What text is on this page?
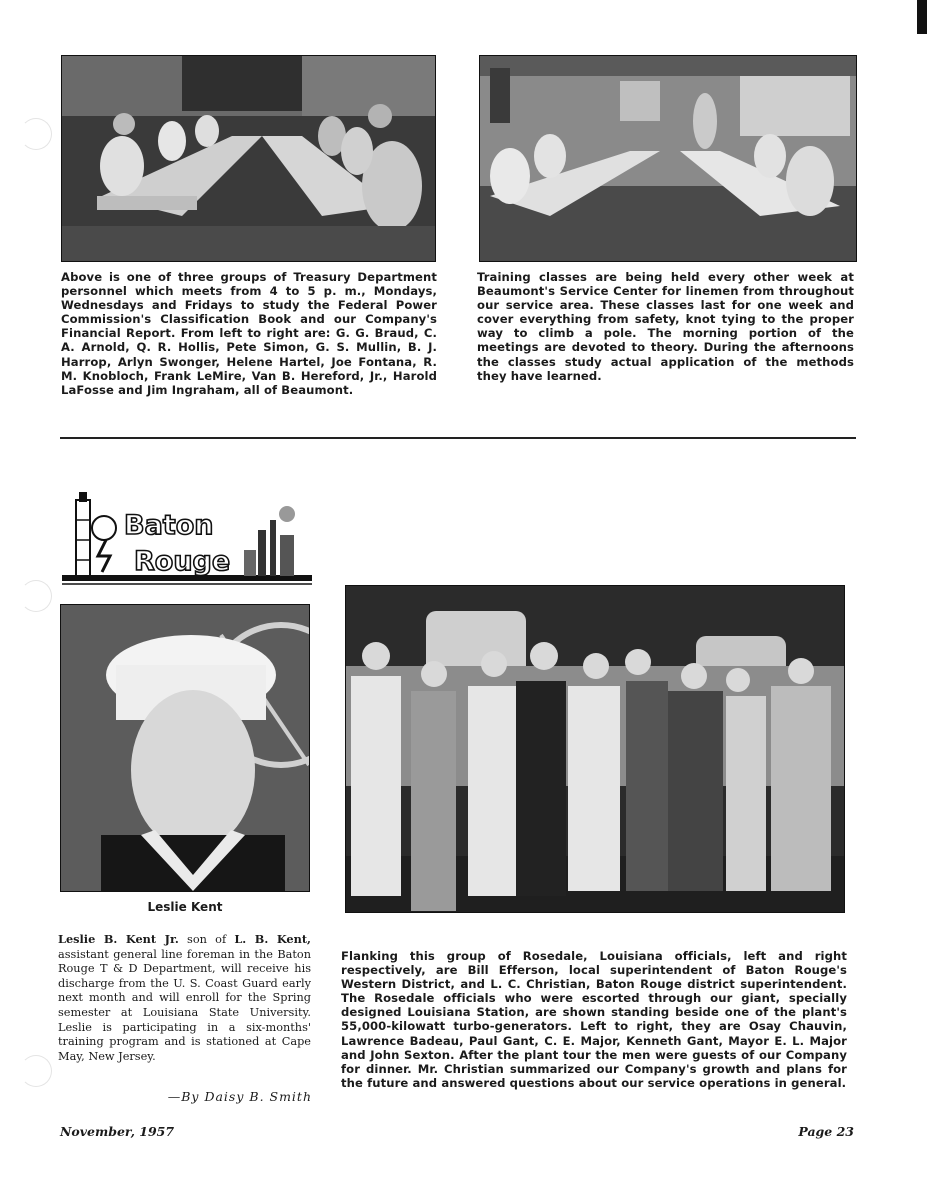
Above is one of three groups of Treasury Department personnel which meets from 4 to 5 p. m., Mondays, Wednesdays and Fridays to study the Federal Power Commission's Classification Book and our Company's Financial Report. From left to right are: G. G. Braud, C. A. Arnold, Q. R. Hollis, Pete Simon, G. S. Mullin, B. J. Harrop, Arlyn Swonger, Helene Hartel, Joe Fontana, R. M. Knobloch, Frank LeMire, Van B. Hereford, Jr., Harold LaFosse and Jim Ingraham, all of Beaumont.

Training classes are being held every other week at Beaumont's Service Center for linemen from throughout our service area. These classes last for one week and cover everything from safety, knot tying to the proper way to climb a pole. The morning portion of the meetings are devoted to theory. During the afternoons the classes study actual application of the methods they have learned.

Baton
Rouge
Leslie Kent

Leslie B. Kent Jr. son of L. B. Kent, assistant general line foreman in the Baton Rouge T & D Department, will receive his discharge from the U. S. Coast Guard early next month and will enroll for the Spring semester at Louisiana State University. Leslie is participating in a six-months' training program and is stationed at Cape May, New Jersey.

—By Daisy B. Smith

Flanking this group of Rosedale, Louisiana officials, left and right respectively, are Bill Efferson, local superintendent of Baton Rouge's Western District, and L. C. Christian, Baton Rouge district superintendent. The Rosedale officials who were escorted through our giant, specially designed Louisiana Station, are shown standing beside one of the plant's 55,000-kilowatt turbo-generators. Left to right, they are Osay Chauvin, Lawrence Badeau, Paul Gant, C. E. Major, Kenneth Gant, Mayor E. L. Major and John Sexton. After the plant tour the men were guests of our Company for dinner. Mr. Christian summarized our Company's growth and plans for the future and answered questions about our service operations in general.

November, 1957	Page 23
